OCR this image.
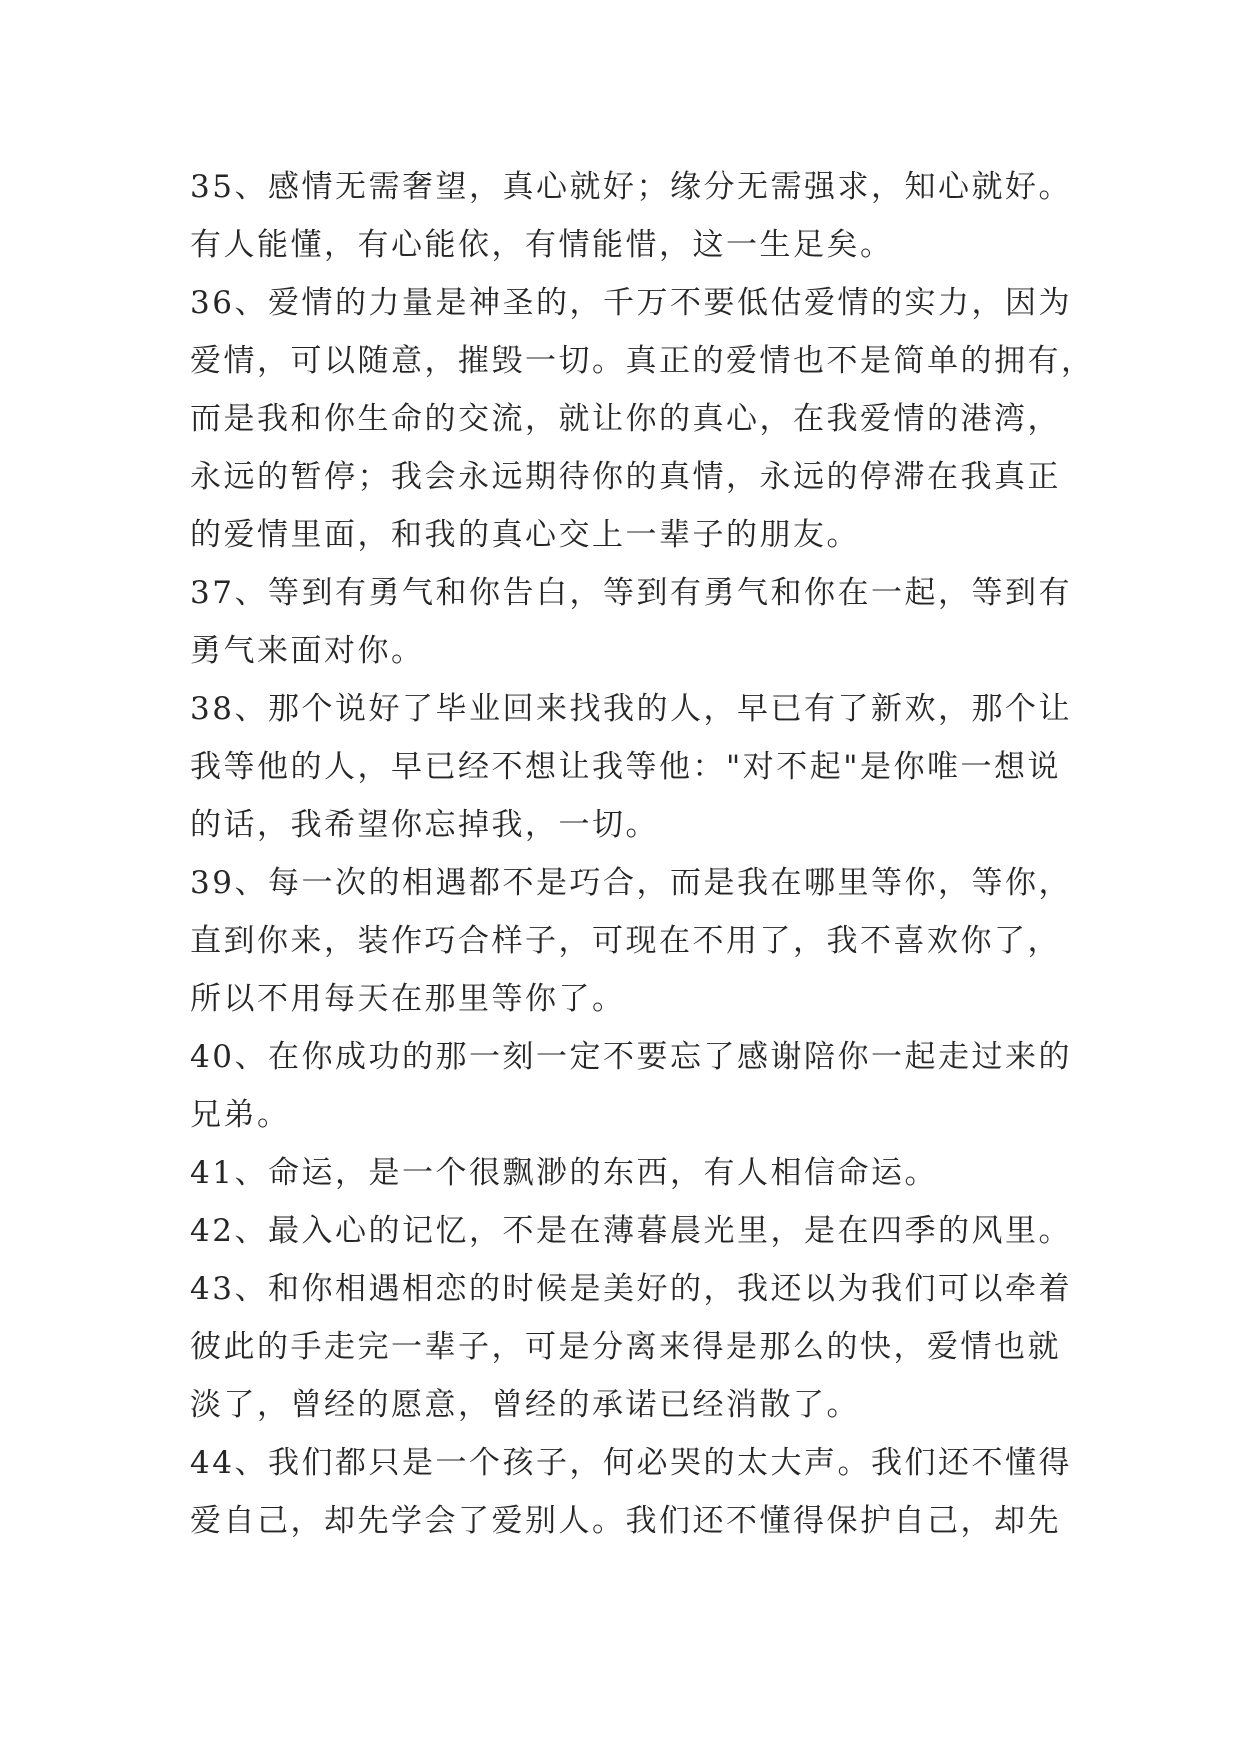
35、感情无需奢望，真心就好；缘分无需强求，知心就好。

有人能懂，有心能依，有情能惜，这一生足矣。

36、爱情的力量是神圣的，千万不要低估爱情的实力，因为

爱情，可以随意，摧毁一切。真正的爱情也不是简单的拥有，

而是我和你生命的交流，就让你的真心，在我爱情的港湾，

永远的暂停；我会永远期待你的真情，永远的停滞在我真正

的爱情里面，和我的真心交上一辈子的朋友。

37、等到有勇气和你告白，等到有勇气和你在一起，等到有

勇气来面对你。

38、那个说好了毕业回来找我的人，早已有了新欢，那个让

我等他的人，早已经不想让我等他："对不起"是你唯一想说

的话，我希望你忘掉我，一切。

39、每一次的相遇都不是巧合，而是我在哪里等你，等你，

直到你来，装作巧合样子，可现在不用了，我不喜欢你了，

所以不用每天在那里等你了。

40、在你成功的那一刻一定不要忘了感谢陪你一起走过来的

兄弟。

41、命运，是一个很飘渺的东西，有人相信命运。

42、最入心的记忆，不是在薄暮晨光里，是在四季的风里。

43、和你相遇相恋的时候是美好的，我还以为我们可以牵着

彼此的手走完一辈子，可是分离来得是那么的快，爱情也就

淡了，曾经的愿意，曾经的承诺已经消散了。

44、我们都只是一个孩子，何必哭的太大声。我们还不懂得

爱自己，却先学会了爱别人。我们还不懂得保护自己，却先
